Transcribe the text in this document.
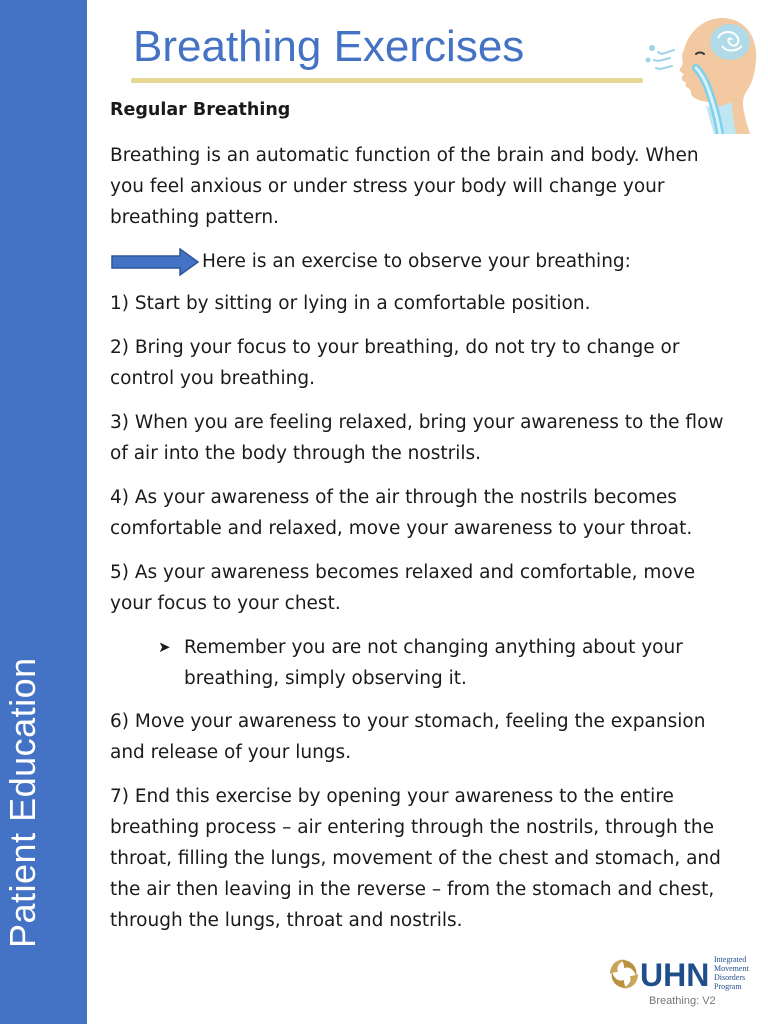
Patient Education
Breathing Exercises

Regular Breathing

Breathing is an automatic function of the brain and body. When you feel anxious or under stress your body will change your breathing pattern.

Here is an exercise to observe your breathing:

1) Start by sitting or lying in a comfortable position.

2) Bring your focus to your breathing, do not try to change or control you breathing.

3) When you are feeling relaxed, bring your awareness to the flow of air into the body through the nostrils.

4) As your awareness of the air through the nostrils becomes comfortable and relaxed, move your awareness to your throat.

5) As your awareness becomes relaxed and comfortable, move your focus to your chest.

➤ Remember you are not changing anything about your breathing, simply observing it.

6) Move your awareness to your stomach, feeling the expansion and release of your lungs.

7) End this exercise by opening your awareness to the entire breathing process – air entering through the nostrils, through the throat, filling the lungs, movement of the chest and stomach, and the air then leaving in the reverse – from the stomach and chest, through the lungs, throat and nostrils.

UHN Integrated
Movement
Disorders
Program
Breathing: V2
